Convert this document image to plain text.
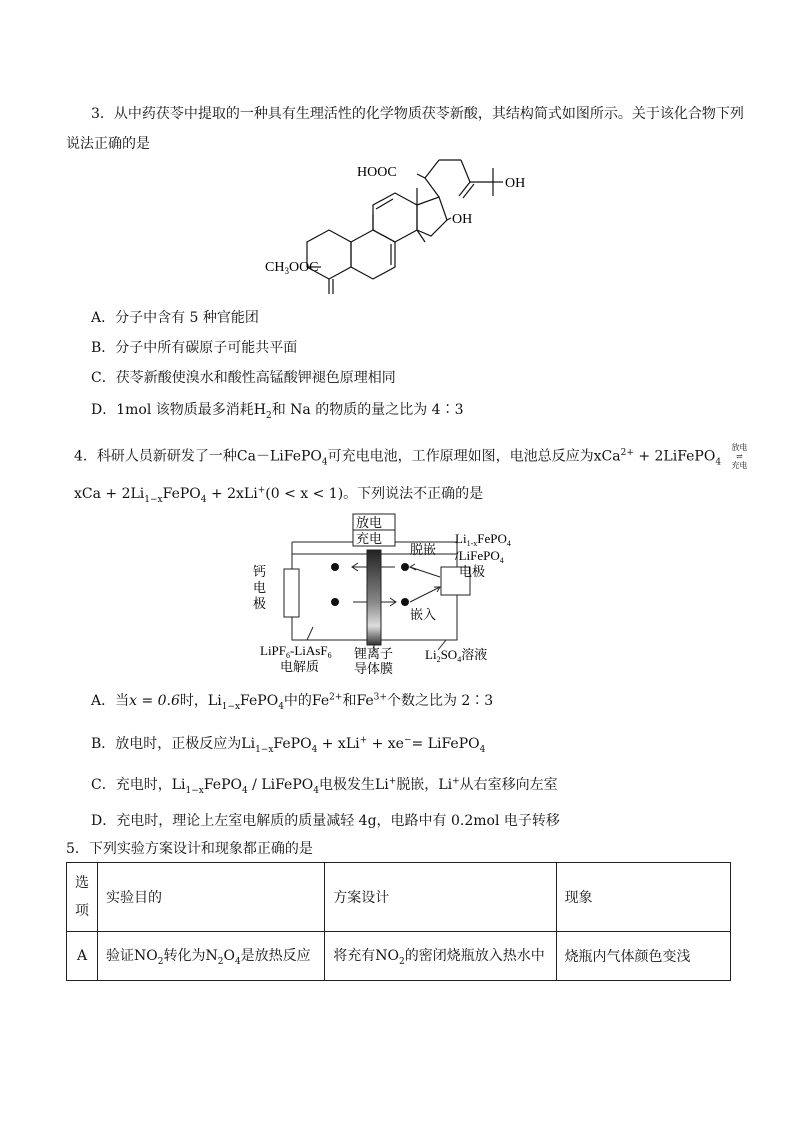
3．从中药茯苓中提取的一种具有生理活性的化学物质茯苓新酸，其结构简式如图所示。关于该化合物下列
说法正确的是
HOOC
OH
OH
$CH_3OOC$
A．分子中含有 5 种官能团
B．分子中所有碳原子可能共平面
C．茯苓新酸使溴水和酸性高锰酸钾褪色原理相同
D．1mol 该物质最多消耗$H_2$和 Na 的物质的量之比为 4∶3
4．科研人员新研发了一种Ca－LiFePO$_4$可充电电池，工作原理如图，电池总反应为xCa$^{2+}$ + 2LiFePO$_4$ 放电
⇌
充电
xCa + $2Li_{1-x}FePO_4 + 2xLi^+(0 < x < 1)$。下列说法不正确的是
放电
充电
脱嵌
嵌入
$Li_{1-x}FePO_4$
/LiFePO$_4$
电极
钙
电
极
LiPF$_6$-LiAsF$_6$
电解质
锂离子
导体膜
$Li_2SO_4$溶液
A．当x = 0.6时，$Li_{1-x}FePO_4$中的$Fe^{2+}$和$Fe^{3+}$个数之比为 2∶3
B．放电时，正极反应为$Li_{1-x}FePO_4 + xLi^+ + xe^-=$ LiFePO$_4$
C．充电时，$Li_{1-x}FePO_4$ / LiFePO$_4$电极发生Li+脱嵌，Li+从右室移向左室
D．充电时，理论上左室电解质的质量减轻 4g，电路中有 0.2mol 电子转移
5．下列实验方案设计和现象都正确的是
选
项	实验目的	方案设计	现象
A	验证$NO_2$转化为$N_2O_4$是放热反应	将充有$NO_2$的密闭烧瓶放入热水中	烧瓶内气体颜色变浅
